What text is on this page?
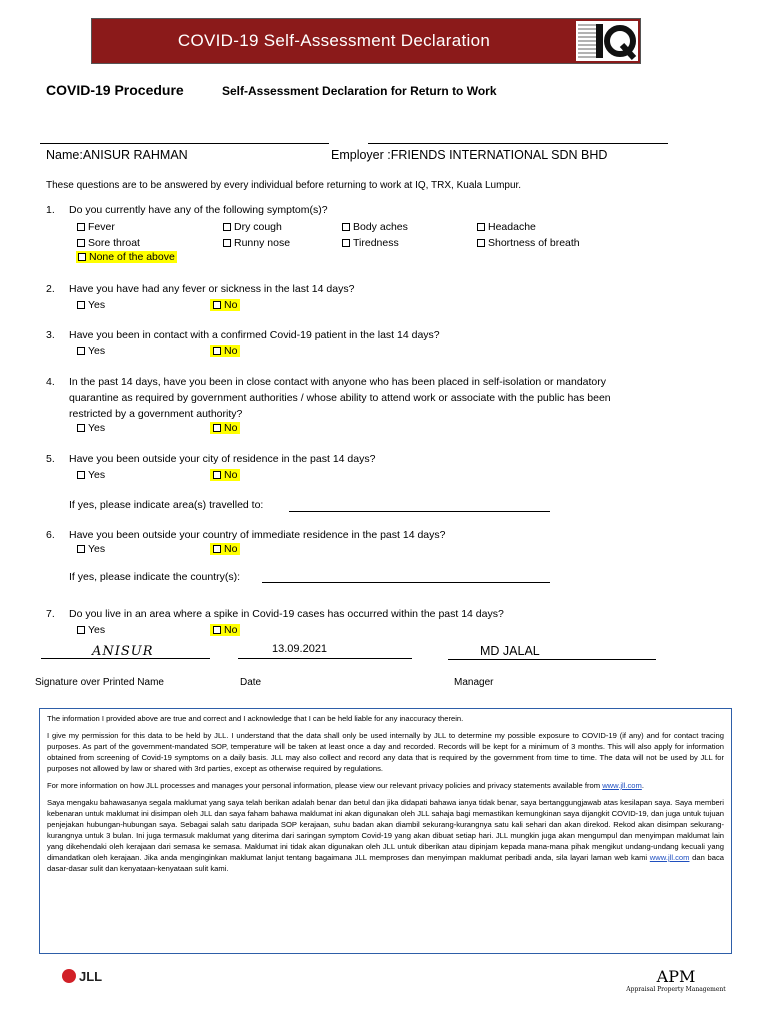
COVID-19 Self-Assessment Declaration
COVID-19 Procedure	Self-Assessment Declaration for Return to Work
Name:ANISUR RAHMAN	Employer :FRIENDS INTERNATIONAL SDN BHD
These questions are to be answered by every individual before returning to work at IQ, TRX, Kuala Lumpur.
1. Do you currently have any of the following symptom(s)?
Fever	Dry cough	Body aches	Headache
Sore throat	Runny nose	Tiredness	Shortness of breath
None of the above
2. Have you have had any fever or sickness in the last 14 days?
Yes	No
3. Have you been in contact with a confirmed Covid-19 patient in the last 14 days?
Yes	No
4. In the past 14 days, have you been in close contact with anyone who has been placed in self-isolation or mandatory
quarantine as required by government authorities / whose ability to attend work or associate with the public has been
restricted by a government authority?
Yes	No
5. Have you been outside your city of residence in the past 14 days?
Yes	No
If yes, please indicate area(s) travelled to:
6. Have you been outside your country of immediate residence in the past 14 days?
Yes	No
If yes, please indicate the country(s):
7. Do you live in an area where a spike in Covid-19 cases has occurred within the past 14 days?
Yes	No
ANISUR	13.09.2021	MD JALAL
Signature over Printed Name	Date	Manager

The information I provided above are true and correct and I acknowledge that I can be held liable for any inaccuracy therein.

I give my permission for this data to be held by JLL. I understand that the data shall only be used internally by JLL to determine my possible exposure to COVID-19 (if any) and for contact tracing purposes. As part of the government-mandated SOP, temperature will be taken at least once a day and recorded. Records will be kept for a minimum of 3 months. This will also apply for information obtained from screening of Covid-19 symptoms on a daily basis. JLL may also collect and record any data that is required by the government from time to time. The data will not be used by JLL for purposes not allowed by law or shared with 3rd parties, except as otherwise required by regulations.

For more information on how JLL processes and manages your personal information, please view our relevant privacy policies and privacy statements available from www.jll.com.

Saya mengaku bahawasanya segala maklumat yang saya telah berikan adalah benar dan betul dan jika didapati bahawa ianya tidak benar, saya bertanggungjawab atas kesilapan saya. Saya memberi kebenaran untuk maklumat ini disimpan oleh JLL dan saya faham bahawa maklumat ini akan digunakan oleh JLL sahaja bagi memastikan kemungkinan saya dijangkit COVID-19, dan juga untuk tujuan penjejakan hubungan-hubungan saya. Sebagai salah satu daripada SOP kerajaan, suhu badan akan diambil sekurang-kurangnya satu kali sehari dan akan direkod. Rekod akan disimpan sekurang-kurangnya untuk 3 bulan. Ini juga termasuk maklumat yang diterima dari saringan symptom Covid-19 yang akan dibuat setiap hari. JLL mungkin juga akan mengumpul dan menyimpan maklumat lain yang dikehendaki oleh kerajaan dari semasa ke semasa. Maklumat ini tidak akan digunakan oleh JLL untuk diberikan atau dipinjam kepada mana-mana pihak mengikut undang-undang kecuali yang dimandatkan oleh kerajaan. Jika anda menginginkan maklumat lanjut tentang bagaimana JLL memproses dan menyimpan maklumat peribadi anda, sila layari laman web kami www.jll.com dan baca dasar-dasar sulit dan kenyataan-kenyataan sulit kami.

JLL	APM
Appraisal Property Management
